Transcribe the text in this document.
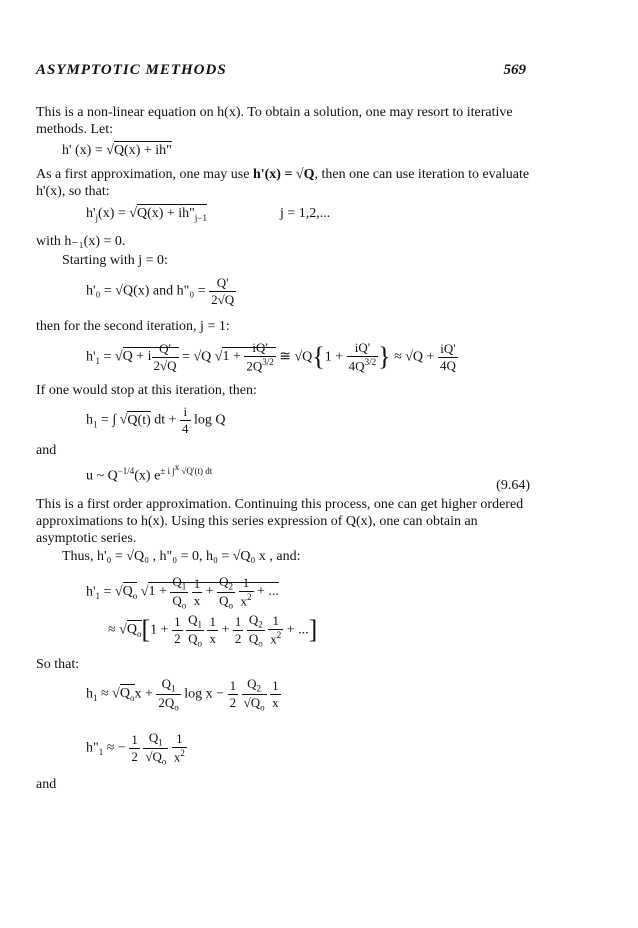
ASYMPTOTIC METHODS	569
This is a non-linear equation on h(x). To obtain a solution, one may resort to iterative methods. Let:
h' (x) = √Q(x) + ih"
As a first approximation, one may use h'(x) = √Q, then one can use iteration to evaluate h'(x), so that:
$h'_j(x) = √Q(x)$ + $ih"_{j-1}$	j = 1,2,...
with h₋₁(x) = 0.
Starting with j = 0:
h'₀ = √Q(x) and h"₀ = $\frac{Q'}{2√Q}$
then for the second iteration, j = 1:
$h'_1 = √Q + i \frac{Q'}{2√Q} = √Q$ $√1 + \frac{iQ'}{2Q^{3/2}}$ ≅ $√Q\{1 + \frac{iQ'}{4Q^{3/2}}$ } ≈ $√Q + \frac{iQ'}{4Q}$
If one would stop at this iteration, then:
$h_1$ = ∫ √Q(t) dt + $\frac{i}{4}$ log Q
and
u ~ $Q^{-1/4}(x)$ $e^{\pm i \int^x √Q'(t) dt}$
(9.64)
This is a first order approximation. Continuing this process, one can get higher ordered approximations to h(x). Using this series expression of Q(x), one can obtain an asymptotic series.
Thus, h'₀ = √Q₀ , h"₀ = 0, h₀ = √Q₀ x , and:
$h'_1 = √Q_o$ $√1 + \frac{Q_1}{Q_o}$
$\frac{1}{x} + \frac{Q_2}{Q_o}$
$\frac{1}{x^2}$ + ...
≈ $√Q_o[1 + \frac{1}{2}$
$\frac{Q_1}{Q_o}$
$\frac{1}{x} + \frac{1}{2}$
$\frac{Q_2}{Q_o}$
$\frac{1}{x^2}$ + ...]
So that:
$h_1 \approx √Q_ox + \frac{Q_1}{2Q_o}$ $\log x - \frac{1}{2}$
$\frac{Q_2}{√Q_o}$
$\frac{1}{x}$
$h"_1$ ≈ − $\frac{1}{2}$
$\frac{Q_1}{√Q_o}$
$\frac{1}{x^2}$
and
